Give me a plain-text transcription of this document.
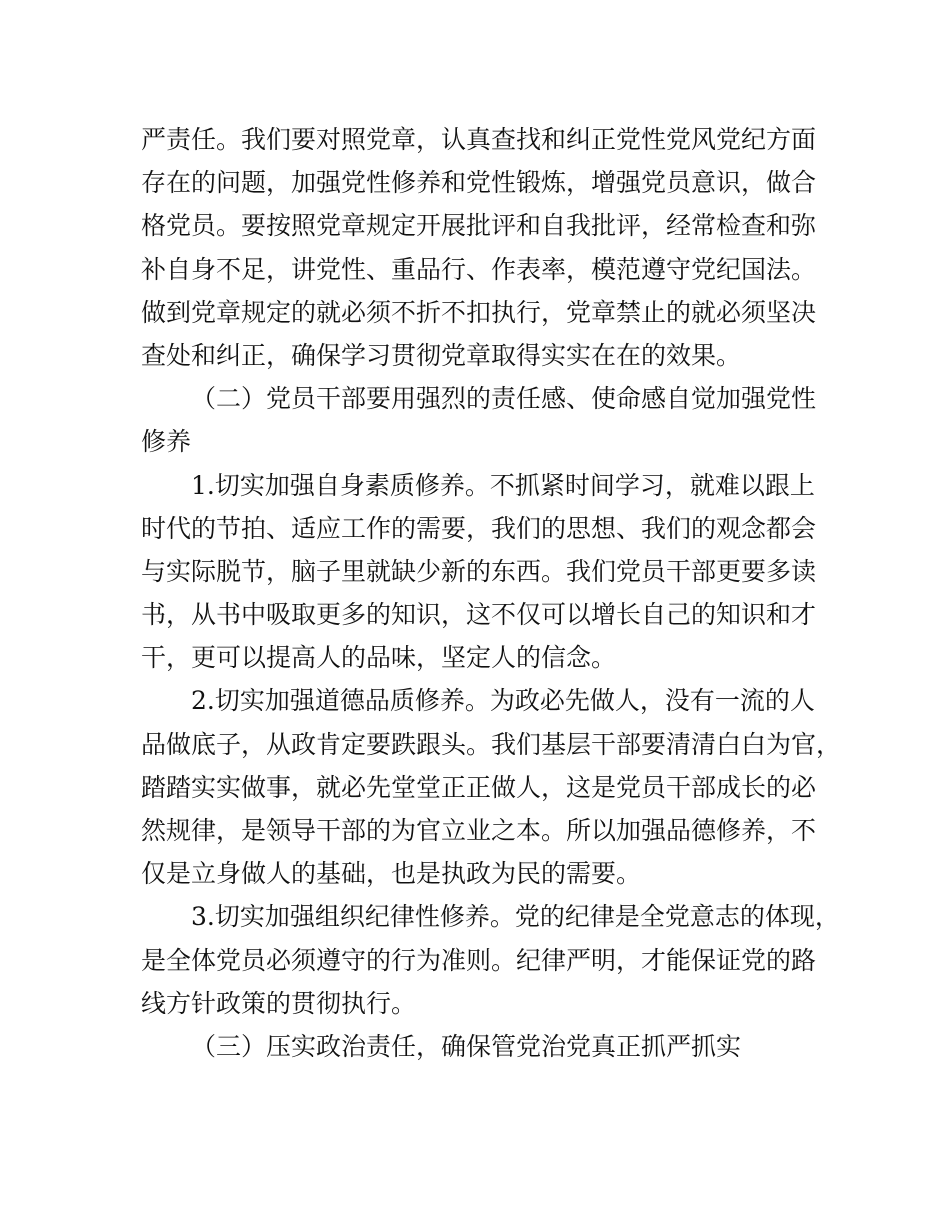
严责任。我们要对照党章，认真查找和纠正党性党风党纪方面
存在的问题，加强党性修养和党性锻炼，增强党员意识，做合
格党员。要按照党章规定开展批评和自我批评，经常检查和弥
补自身不足，讲党性、重品行、作表率，模范遵守党纪国法。
做到党章规定的就必须不折不扣执行，党章禁止的就必须坚决
查处和纠正，确保学习贯彻党章取得实实在在的效果。
（二）党员干部要用强烈的责任感、使命感自觉加强党性
修养
1.切实加强自身素质修养。不抓紧时间学习，就难以跟上
时代的节拍、适应工作的需要，我们的思想、我们的观念都会
与实际脱节，脑子里就缺少新的东西。我们党员干部更要多读
书，从书中吸取更多的知识，这不仅可以增长自己的知识和才
干，更可以提高人的品味，坚定人的信念。
2.切实加强道德品质修养。为政必先做人，没有一流的人
品做底子，从政肯定要跌跟头。我们基层干部要清清白白为官，
踏踏实实做事，就必先堂堂正正做人，这是党员干部成长的必
然规律，是领导干部的为官立业之本。所以加强品德修养，不
仅是立身做人的基础，也是执政为民的需要。
3.切实加强组织纪律性修养。党的纪律是全党意志的体现，
是全体党员必须遵守的行为准则。纪律严明，才能保证党的路
线方针政策的贯彻执行。
（三）压实政治责任，确保管党治党真正抓严抓实
